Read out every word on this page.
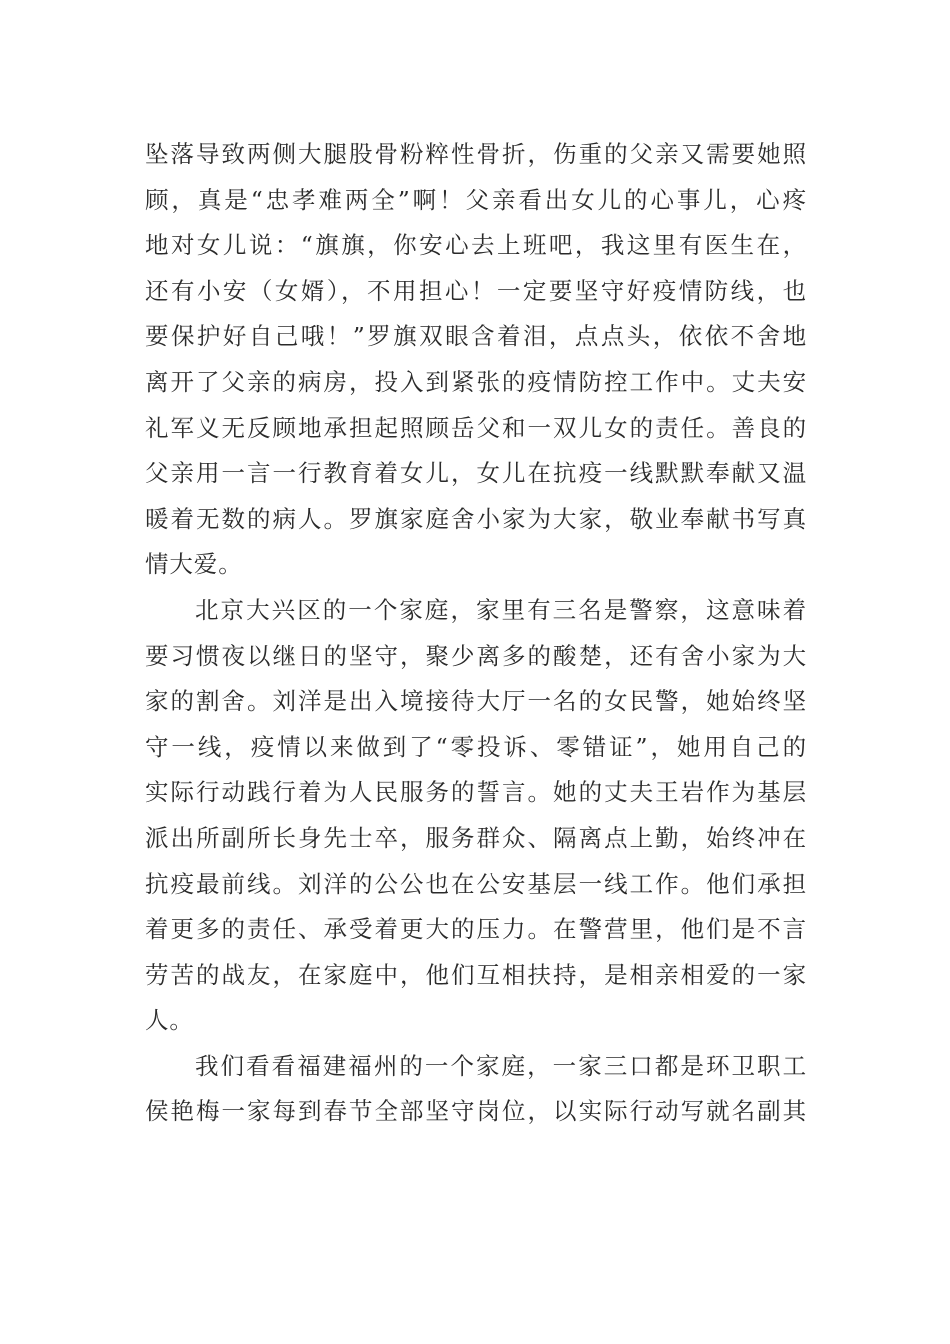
坠落导致两侧大腿股骨粉粹性骨折，伤重的父亲又需要她照
顾，真是“忠孝难两全”啊！父亲看出女儿的心事儿，心疼
地对女儿说：“旗旗，你安心去上班吧，我这里有医生在，
还有小安（女婿），不用担心！一定要坚守好疫情防线，也
要保护好自己哦！”罗旗双眼含着泪，点点头，依依不舍地
离开了父亲的病房，投入到紧张的疫情防控工作中。丈夫安
礼军义无反顾地承担起照顾岳父和一双儿女的责任。善良的
父亲用一言一行教育着女儿，女儿在抗疫一线默默奉献又温
暖着无数的病人。罗旗家庭舍小家为大家，敬业奉献书写真
情大爱。
北京大兴区的一个家庭，家里有三名是警察，这意味着
要习惯夜以继日的坚守，聚少离多的酸楚，还有舍小家为大
家的割舍。刘洋是出入境接待大厅一名的女民警，她始终坚
守一线，疫情以来做到了“零投诉、零错证”，她用自己的
实际行动践行着为人民服务的誓言。她的丈夫王岩作为基层
派出所副所长身先士卒，服务群众、隔离点上勤，始终冲在
抗疫最前线。刘洋的公公也在公安基层一线工作。他们承担
着更多的责任、承受着更大的压力。在警营里，他们是不言
劳苦的战友，在家庭中，他们互相扶持，是相亲相爱的一家
人。
我们看看福建福州的一个家庭，一家三口都是环卫职工
侯艳梅一家每到春节全部坚守岗位，以实际行动写就名副其
